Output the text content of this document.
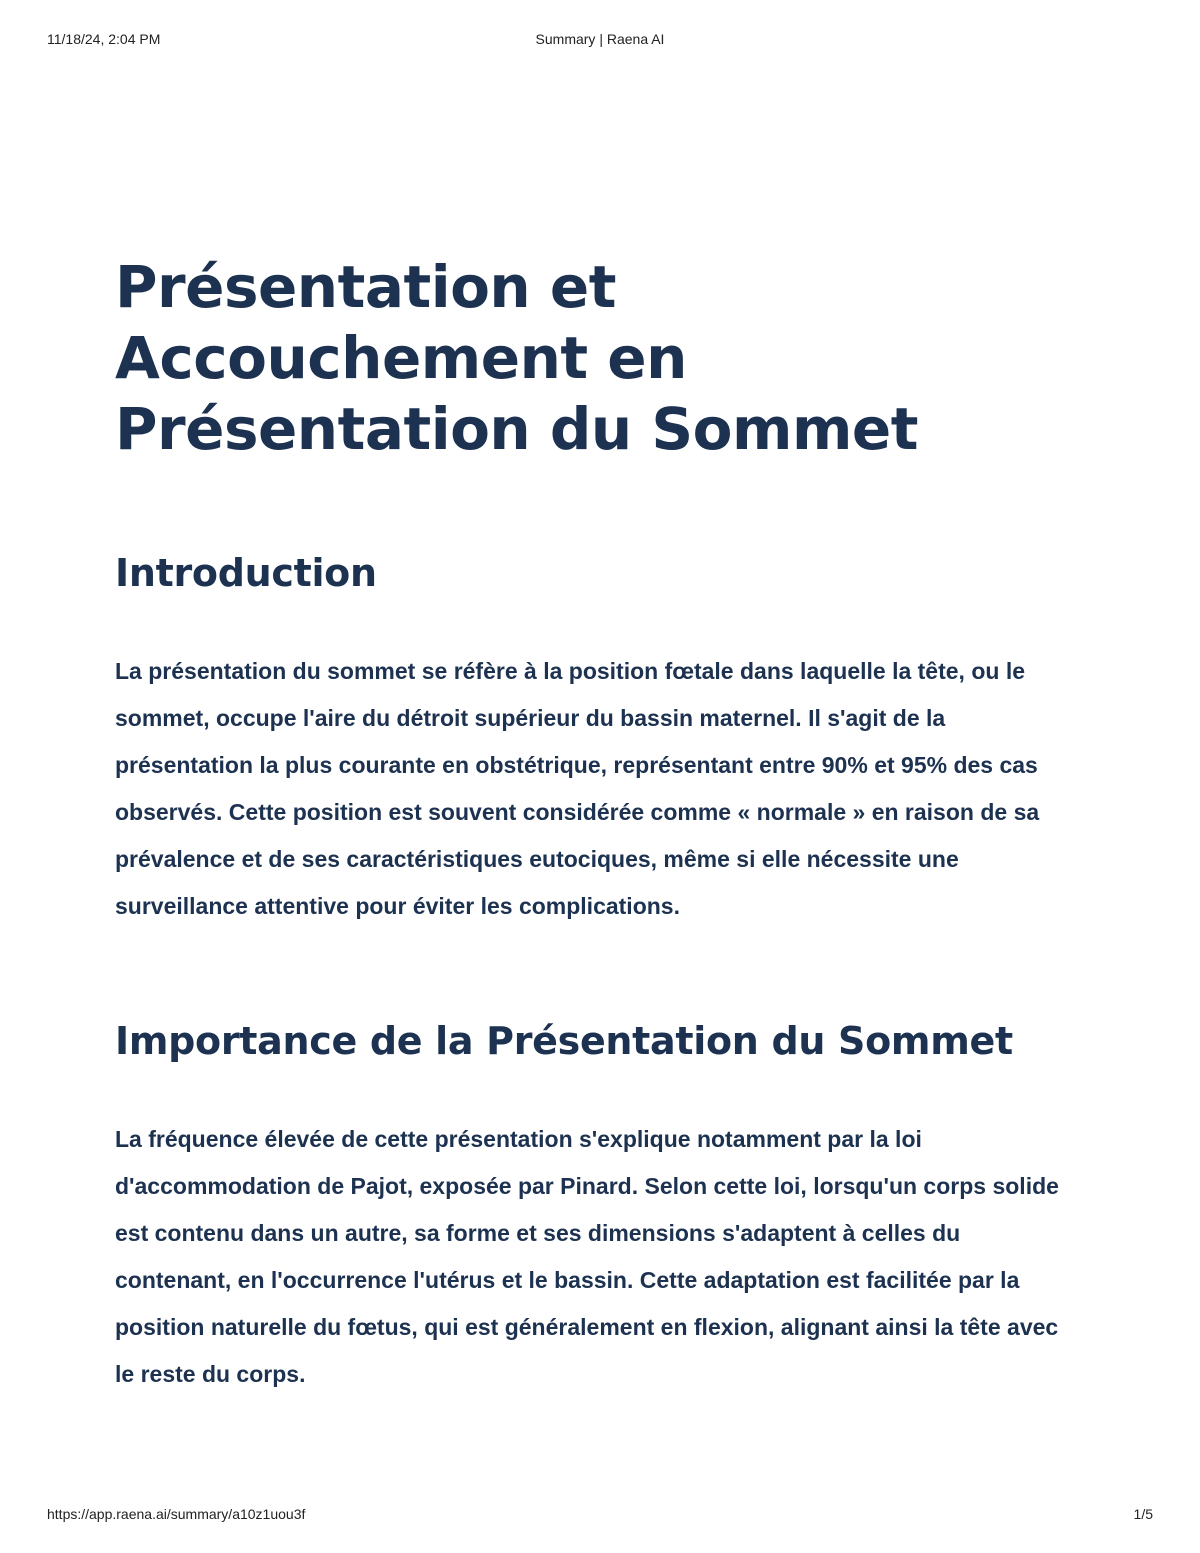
11/18/24, 2:04 PM	Summary | Raena AI
Présentation et Accouchement en Présentation du Sommet
Introduction

La présentation du sommet se réfère à la position fœtale dans laquelle la tête, ou le sommet, occupe l'aire du détroit supérieur du bassin maternel. Il s'agit de la présentation la plus courante en obstétrique, représentant entre 90% et 95% des cas observés. Cette position est souvent considérée comme « normale » en raison de sa prévalence et de ses caractéristiques eutociques, même si elle nécessite une surveillance attentive pour éviter les complications.

Importance de la Présentation du Sommet

La fréquence élevée de cette présentation s'explique notamment par la loi d'accommodation de Pajot, exposée par Pinard. Selon cette loi, lorsqu'un corps solide est contenu dans un autre, sa forme et ses dimensions s'adaptent à celles du contenant, en l'occurrence l'utérus et le bassin. Cette adaptation est facilitée par la position naturelle du fœtus, qui est généralement en flexion, alignant ainsi la tête avec le reste du corps.

https://app.raena.ai/summary/a10z1uou3f	1/5
